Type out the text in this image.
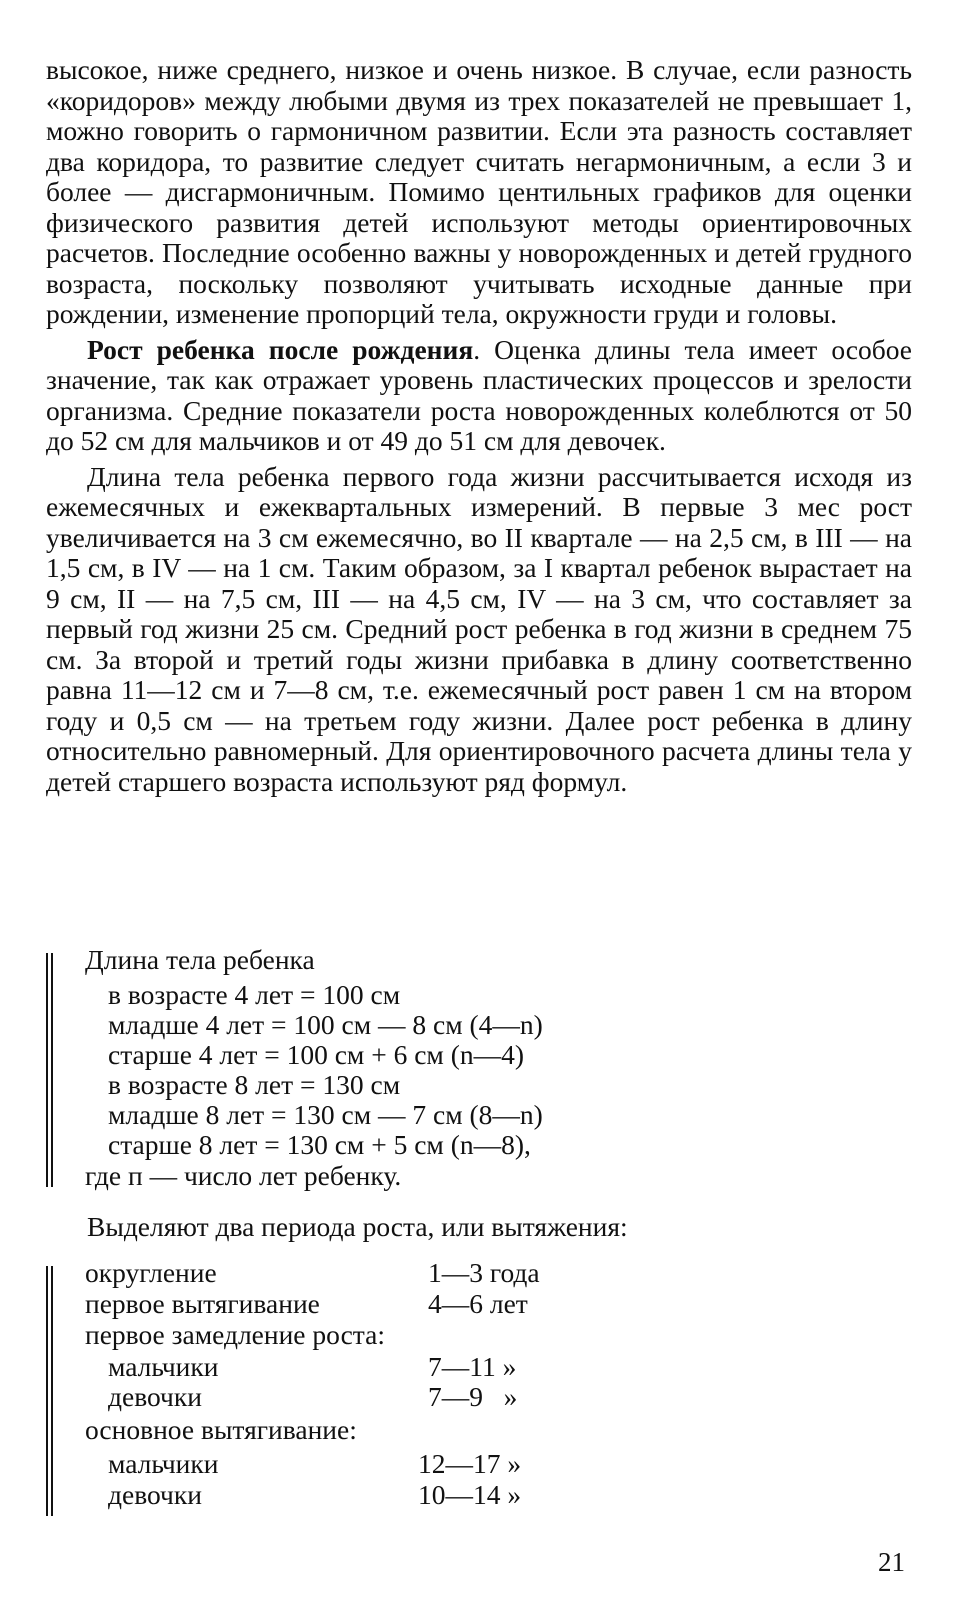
высокое, ниже среднего, низкое и очень низкое. В случае, если разность «коридоров» между любыми двумя из трех показателей не превышает 1, можно говорить о гармоничном развитии. Если эта разность составляет два коридора, то развитие следует считать негармоничным, а если 3 и более — дисгармоничным. Помимо центильных графиков для оценки физического развития детей используют методы ориентировочных расчетов. Последние особенно важны у новорожденных и детей грудного возраста, поскольку позволяют учитывать исходные данные при рождении, изменение пропорций тела, окружности груди и головы.

Рост ребенка после рождения. Оценка длины тела имеет особое значение, так как отражает уровень пластических процессов и зрелости организма. Средние показатели роста новорожденных колеблются от 50 до 52 см для мальчиков и от 49 до 51 см для девочек.

Длина тела ребенка первого года жизни рассчитывается исходя из ежемесячных и ежеквартальных измерений. В первые 3 мес рост увеличивается на 3 см ежемесячно, во II квартале — на 2,5 см, в III — на 1,5 см, в IV — на 1 см. Таким образом, за I квартал ребенок вырастает на 9 см, II — на 7,5 см, III — на 4,5 см, IV — на 3 см, что составляет за первый год жизни 25 см. Средний рост ребенка в год жизни в среднем 75 см. За второй и третий годы жизни прибавка в длину соответственно равна 11—12 см и 7—8 см, т.е. ежемесячный рост равен 1 см на втором году и 0,5 см — на третьем году жизни. Далее рост ребенка в длину относительно равномерный. Для ориентировочного расчета длины тела у детей старшего возраста используют ряд формул.

Длина тела ребенка
в возрасте 4 лет = 100 см
младше 4 лет = 100 см — 8 см (4—n)
старше 4 лет = 100 см + 6 см (n—4)
в возрасте 8 лет = 130 см
младше 8 лет = 130 см — 7 см (8—n)
старше 8 лет = 130 см + 5 см (n—8),
где п — число лет ребенку.
Выделяют два периода роста, или вытяжения:
округление	1—3 года
первое вытягивание	4—6 лет
первое замедление роста:
мальчики	7—11 »
девочки	7—9   »
основное вытягивание:
мальчики	12—17 »
девочки	10—14 »
21
